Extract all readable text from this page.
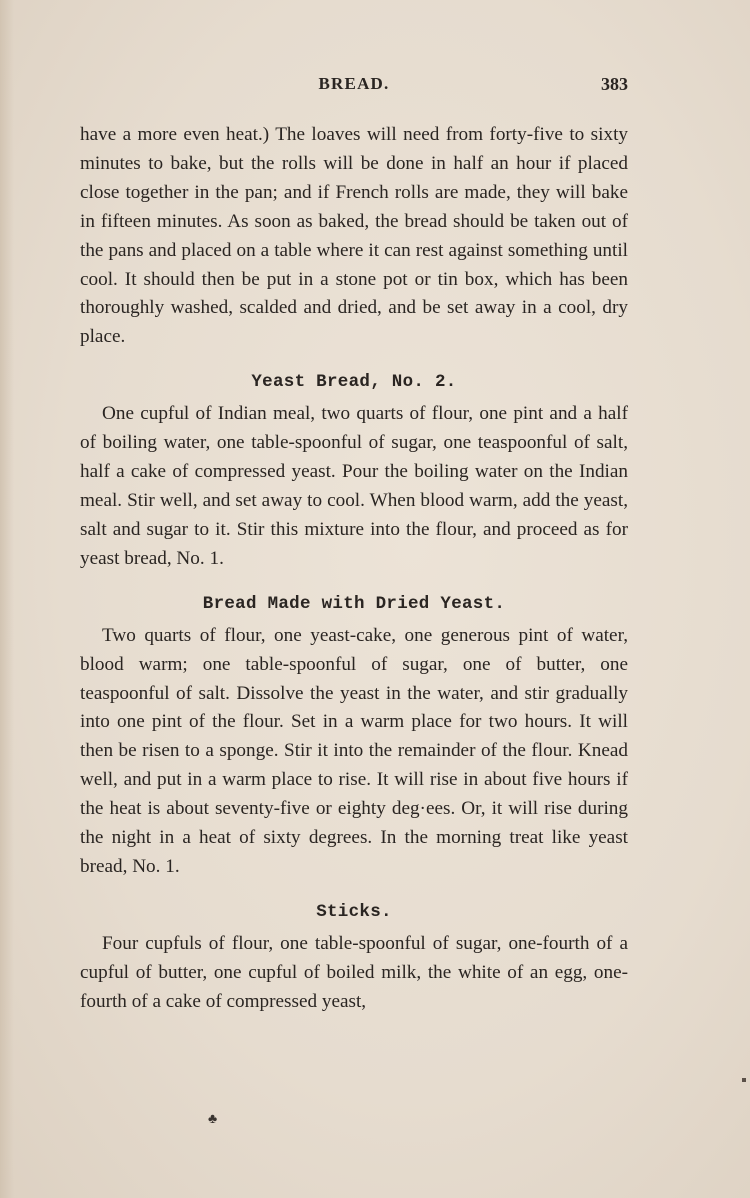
BREAD.	383

have a more even heat.) The loaves will need from forty-five to sixty minutes to bake, but the rolls will be done in half an hour if placed close together in the pan; and if French rolls are made, they will bake in fifteen minutes. As soon as baked, the bread should be taken out of the pans and placed on a table where it can rest against something until cool. It should then be put in a stone pot or tin box, which has been thoroughly washed, scalded and dried, and be set away in a cool, dry place.

Yeast Bread, No. 2.

One cupful of Indian meal, two quarts of flour, one pint and a half of boiling water, one table-spoonful of sugar, one teaspoonful of salt, half a cake of compressed yeast. Pour the boiling water on the Indian meal. Stir well, and set away to cool. When blood warm, add the yeast, salt and sugar to it. Stir this mixture into the flour, and proceed as for yeast bread, No. 1.

Bread Made with Dried Yeast.

Two quarts of flour, one yeast-cake, one generous pint of water, blood warm; one table-spoonful of sugar, one of butter, one teaspoonful of salt. Dissolve the yeast in the water, and stir gradually into one pint of the flour. Set in a warm place for two hours. It will then be risen to a sponge. Stir it into the remainder of the flour. Knead well, and put in a warm place to rise. It will rise in about five hours if the heat is about seventy-five or eighty deg·ees. Or, it will rise during the night in a heat of sixty degrees. In the morning treat like yeast bread, No. 1.

Sticks.

Four cupfuls of flour, one table-spoonful of sugar, one-fourth of a cupful of butter, one cupful of boiled milk, the white of an egg, one-fourth of a cake of compressed yeast,

♣
